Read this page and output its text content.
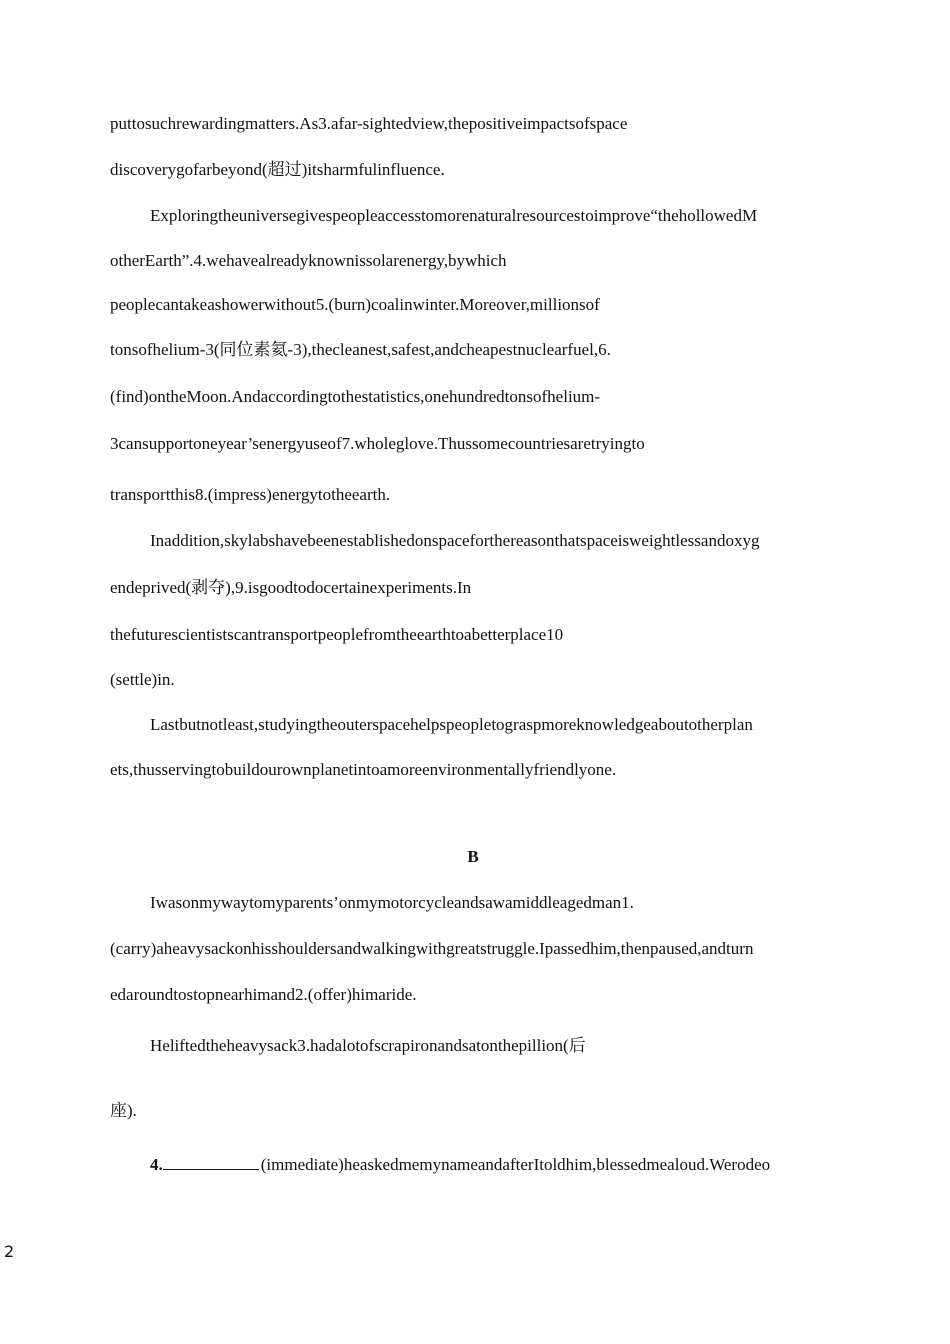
puttosuchrewardingmatters.As3.afar-sightedview,thepositiveimpactsofspace

discoverygofarbeyond(超过)itsharmfulinfluence.

Exploringtheuniversegivespeopleaccesstomorenaturalresourcestoimprove“thehollowedM

otherEarth”.4.wehavealreadyknownissolarenergy,bywhich

peoplecantakeashowerwithout5.(burn)coalinwinter.Moreover,millionsof

tonsofhelium-3(同位素氦-3),thecleanest,safest,andcheapestnuclearfuel,6.

(find)ontheMoon.Andaccordingtothestatistics,onehundredtonsofhelium-

3cansupportoneyear’senergyuseof7.wholeglove.Thussomecountriesaretryingto

transportthis8.(impress)energytotheearth.

Inaddition,skylabshavebeenestablishedonspaceforthereasonthatspaceisweightlessandoxyg

endeprived(剥夺),9.isgoodtodocertainexperiments.In

thefuturescientistscantransportpeoplefromtheearthtoabetterplace10

(settle)in.

Lastbutnotleast,studyingtheouterspacehelpspeopletograspmoreknowledgeaboutotherplan

ets,thusservingtobuildourownplanetintoamoreenvironmentallyfriendlyone.

B

Iwasonmywaytomyparents’onmymotorcycleandsawamiddleagedman1.

(carry)aheavysackonhisshouldersandwalkingwithgreatstruggle.Ipassedhim,thenpaused,andturn

edaroundtostopnearhimand2.(offer)himaride.

Heliftedtheheavysack3.hadalotofscrapironandsatonthepillion(后

座).

4.	(immediate)heaskedmemynameandafterItoldhim,blessedmealoud.Werodeo

2
